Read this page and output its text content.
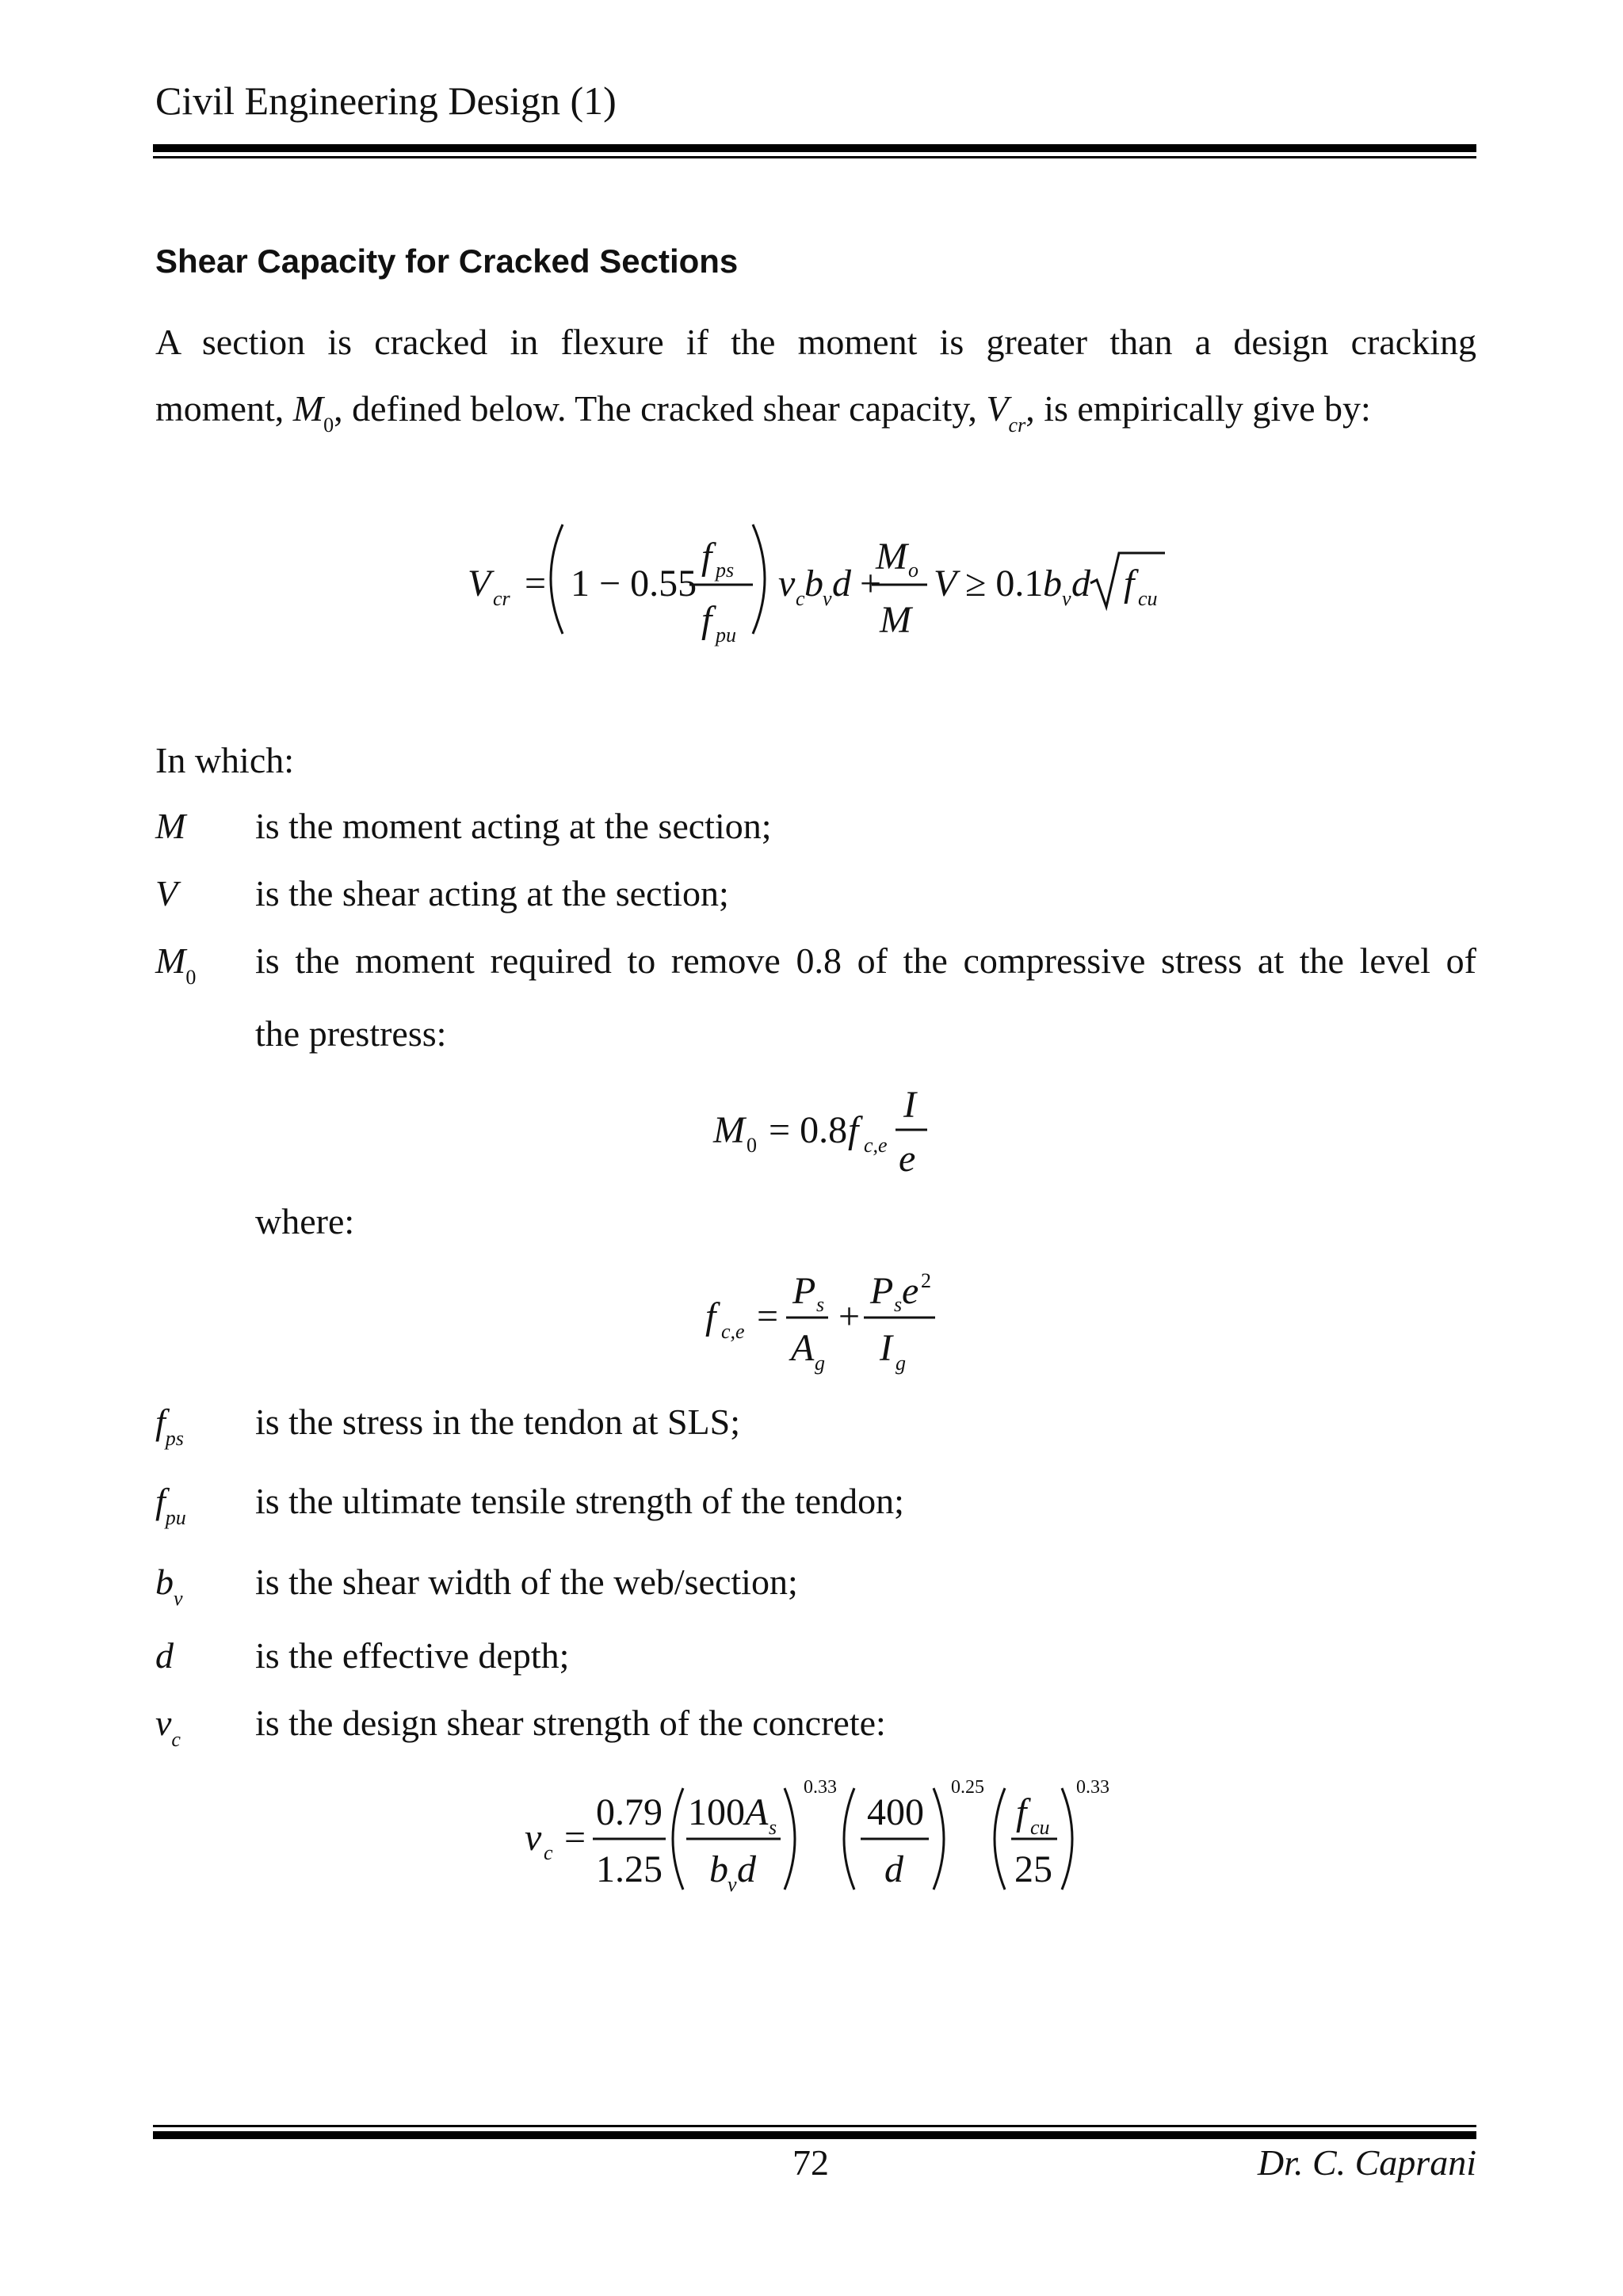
Civil Engineering Design (1)
Shear Capacity for Cracked Sections
A section is cracked in flexure if the moment is greater than a design cracking
moment, $M_0$, defined below. The cracked shear capacity, $V_{cr}$, is empirically give by:
V cr = 1 − 0.55
f ps
f pu
v c b v d +
M o
M
V ≥ 0.1 b v d f cu
In which:
M is the moment acting at the section;
V is the shear acting at the section;
$M_0$ is the moment required to remove 0.8 of the compressive stress at the level of
the prestress:
M 0 = 0.8 f c,e
I
e
where:
f c,e =
P s
A g
+
P s e 2
I g
$f_{ps}$ is the stress in the tendon at SLS;
$f_{pu}$ is the ultimate tensile strength of the tendon;
$b_v$ is the shear width of the web/section;
d is the effective depth;
$v_c$ is the design shear strength of the concrete:
v c =
0.79
1.25
100 A s
b v d
0.33
400
d
0.25
f cu
25
0.33
72	Dr. C. Caprani
